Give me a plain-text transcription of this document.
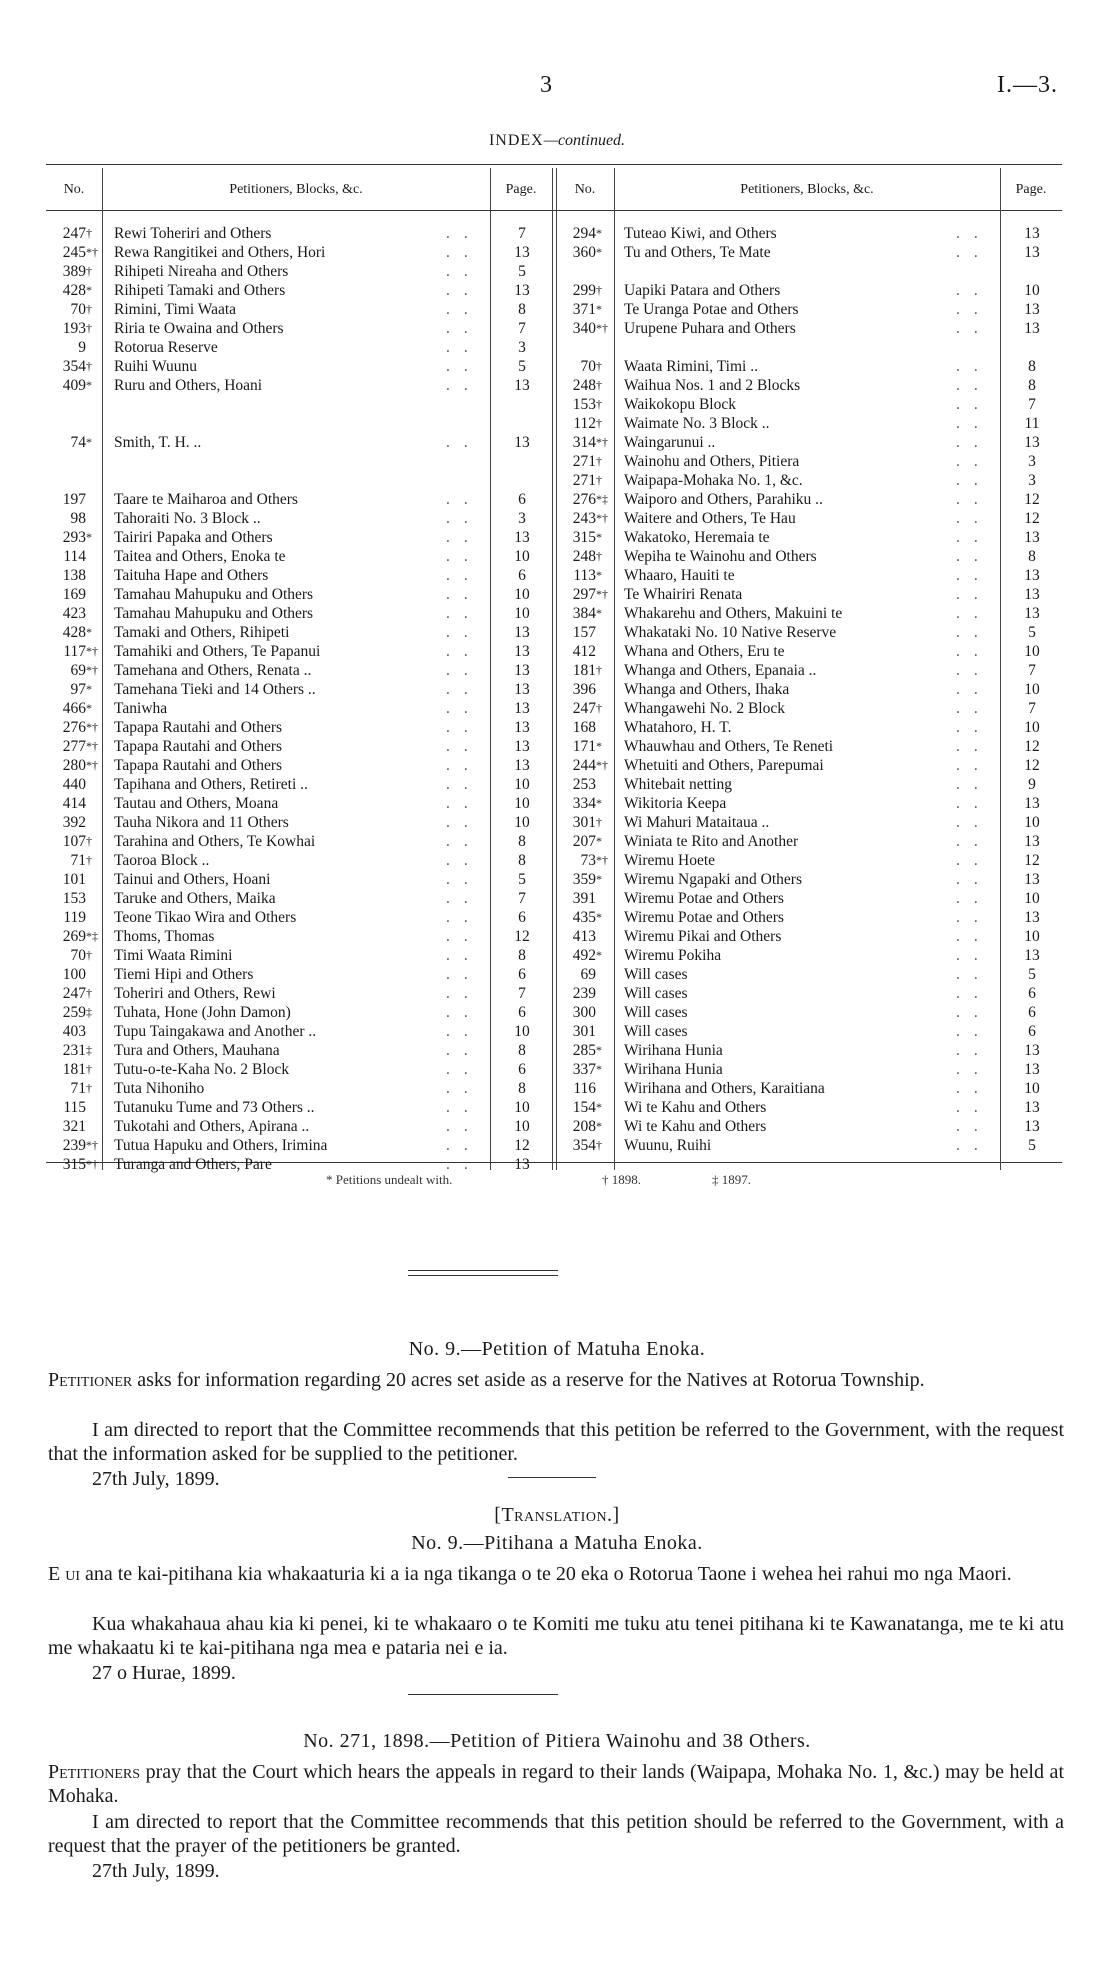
3	I.—3.
INDEX—continued.
No.	Petitioners, Blocks, &c.	Page.	No.	Petitioners, Blocks, &c.	Page.
247† Rewi Toheriri and Others	..	7
245*† Rewa Rangitikei and Others, Hori	..	13
389† Rihipeti Nireaha and Others	..	5
428* Rihipeti Tamaki and Others	..	13
70† Rimini, Timi Waata	..	8
193† Riria te Owaina and Others	..	7
9 Rotorua Reserve	..	3
354† Ruihi Wuunu	..	5
409* Ruru and Others, Hoani	..	13
74* Smith, T. H. ..	..	13
197 Taare te Maiharoa and Others	..	6
98 Tahoraiti No. 3 Block ..	..	3
293* Tairiri Papaka and Others	..	13
114 Taitea and Others, Enoka te	..	10
138 Taituha Hape and Others	..	6
169 Tamahau Mahupuku and Others	..	10
423 Tamahau Mahupuku and Others	..	10
428* Tamaki and Others, Rihipeti	..	13
117*† Tamahiki and Others, Te Papanui	..	13
69*† Tamehana and Others, Renata ..	..	13
97* Tamehana Tieki and 14 Others ..	..	13
466* Taniwha	..	13
276*† Tapapa Rautahi and Others	..	13
277*† Tapapa Rautahi and Others	..	13
280*† Tapapa Rautahi and Others	..	13
440 Tapihana and Others, Retireti ..	..	10
414 Tautau and Others, Moana	..	10
392 Tauha Nikora and 11 Others	..	10
107† Tarahina and Others, Te Kowhai	..	8
71† Taoroa Block ..	..	8
101 Tainui and Others, Hoani	..	5
153 Taruke and Others, Maika	..	7
119 Teone Tikao Wira and Others	..	6
269*‡ Thoms, Thomas	..	12
70† Timi Waata Rimini	..	8
100 Tiemi Hipi and Others	..	6
247† Toheriri and Others, Rewi	..	7
259‡ Tuhata, Hone (John Damon)	..	6
403 Tupu Taingakawa and Another ..	..	10
231‡ Tura and Others, Mauhana	..	8
181† Tutu-o-te-Kaha No. 2 Block	..	6
71† Tuta Nihoniho	..	8
115 Tutanuku Tume and 73 Others ..	..	10
321 Tukotahi and Others, Apirana ..	..	10
239*† Tutua Hapuku and Others, Irimina	..	12
315*† Turanga and Others, Pare	..	13
294* Tuteao Kiwi, and Others	..	13
360* Tu and Others, Te Mate	..	13
299† Uapiki Patara and Others	..	10
371* Te Uranga Potae and Others	..	13
340*† Urupene Puhara and Others	..	13
70† Waata Rimini, Timi ..	..	8
248† Waihua Nos. 1 and 2 Blocks	..	8
153† Waikokopu Block	..	7
112† Waimate No. 3 Block ..	..	11
314*† Waingarunui ..	..	13
271† Wainohu and Others, Pitiera	..	3
271† Waipapa-Mohaka No. 1, &c.	..	3
276*‡ Waiporo and Others, Parahiku ..	..	12
243*† Waitere and Others, Te Hau	..	12
315* Wakatoko, Heremaia te	..	13
248† Wepiha te Wainohu and Others	..	8
113* Whaaro, Hauiti te	..	13
297*† Te Whairiri Renata	..	13
384* Whakarehu and Others, Makuini te	..	13
157 Whakataki No. 10 Native Reserve	..	5
412 Whana and Others, Eru te	..	10
181† Whanga and Others, Epanaia ..	..	7
396 Whanga and Others, Ihaka	..	10
247† Whangawehi No. 2 Block	..	7
168 Whatahoro, H. T.	..	10
171* Whauwhau and Others, Te Reneti	..	12
244*† Whetuiti and Others, Parepumai	..	12
253 Whitebait netting	..	9
334* Wikitoria Keepa	..	13
301† Wi Mahuri Mataitaua ..	..	10
207* Winiata te Rito and Another	..	13
73*† Wiremu Hoete	..	12
359* Wiremu Ngapaki and Others	..	13
391 Wiremu Potae and Others	..	10
435* Wiremu Potae and Others	..	13
413 Wiremu Pikai and Others	..	10
492* Wiremu Pokiha	..	13
69 Will cases	..	5
239 Will cases	..	6
300 Will cases	..	6
301 Will cases	..	6
285* Wirihana Hunia	..	13
337* Wirihana Hunia	..	13
116 Wirihana and Others, Karaitiana	..	10
154* Wi te Kahu and Others	..	13
208* Wi te Kahu and Others	..	13
354† Wuunu, Ruihi	..	5
* Petitions undealt with.	† 1898.	‡ 1897.
No. 9.—Petition of Matuha Enoka.
Petitioner asks for information regarding 20 acres set aside as a reserve for the Natives at Rotorua Township.
I am directed to report that the Committee recommends that this petition be referred to the Government, with the request that the information asked for be supplied to the petitioner.
27th July, 1899.
[Translation.]
No. 9.—Pitihana a Matuha Enoka.
E ui ana te kai-pitihana kia whakaaturia ki a ia nga tikanga o te 20 eka o Rotorua Taone i wehea hei rahui mo nga Maori.
Kua whakahaua ahau kia ki penei, ki te whakaaro o te Komiti me tuku atu tenei pitihana ki te Kawanatanga, me te ki atu me whakaatu ki te kai-pitihana nga mea e pataria nei e ia.
27 o Hurae, 1899.
No. 271, 1898.—Petition of Pitiera Wainohu and 38 Others.
Petitioners pray that the Court which hears the appeals in regard to their lands (Waipapa, Mohaka No. 1, &c.) may be held at Mohaka.
I am directed to report that the Committee recommends that this petition should be referred to the Government, with a request that the prayer of the petitioners be granted.
27th July, 1899.
